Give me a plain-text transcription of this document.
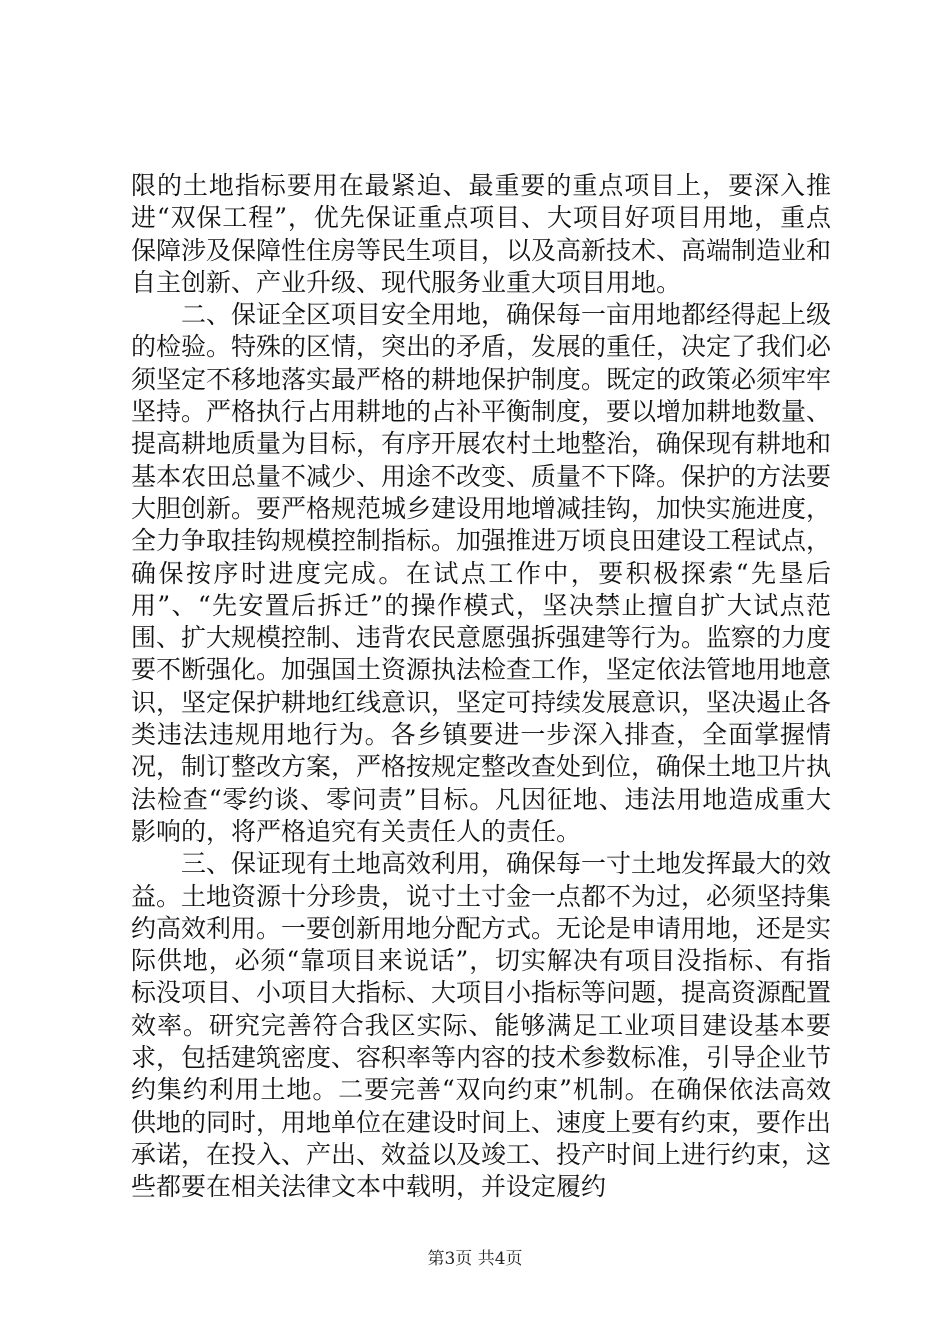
限的土地指标要用在最紧迫、最重要的重点项目上，要深入推进“双保工程”，优先保证重点项目、大项目好项目用地，重点保障涉及保障性住房等民生项目，以及高新技术、高端制造业和自主创新、产业升级、现代服务业重大项目用地。

二、保证全区项目安全用地，确保每一亩用地都经得起上级的检验。特殊的区情，突出的矛盾，发展的重任，决定了我们必须坚定不移地落实最严格的耕地保护制度。既定的政策必须牢牢坚持。严格执行占用耕地的占补平衡制度，要以增加耕地数量、提高耕地质量为目标，有序开展农村土地整治，确保现有耕地和基本农田总量不减少、用途不改变、质量不下降。保护的方法要大胆创新。要严格规范城乡建设用地增减挂钩，加快实施进度，全力争取挂钩规模控制指标。加强推进万顷良田建设工程试点，确保按序时进度完成。在试点工作中，要积极探索“先垦后用”、“先安置后拆迁”的操作模式，坚决禁止擅自扩大试点范围、扩大规模控制、违背农民意愿强拆强建等行为。监察的力度要不断强化。加强国土资源执法检查工作，坚定依法管地用地意识，坚定保护耕地红线意识，坚定可持续发展意识，坚决遏止各类违法违规用地行为。各乡镇要进一步深入排查，全面掌握情况，制订整改方案，严格按规定整改查处到位，确保土地卫片执法检查“零约谈、零问责”目标。凡因征地、违法用地造成重大影响的，将严格追究有关责任人的责任。

三、保证现有土地高效利用，确保每一寸土地发挥最大的效益。土地资源十分珍贵，说寸土寸金一点都不为过，必须坚持集约高效利用。一要创新用地分配方式。无论是申请用地，还是实际供地，必须“靠项目来说话”，切实解决有项目没指标、有指标没项目、小项目大指标、大项目小指标等问题，提高资源配置效率。研究完善符合我区实际、能够满足工业项目建设基本要求，包括建筑密度、容积率等内容的技术参数标准，引导企业节约集约利用土地。二要完善“双向约束”机制。在确保依法高效供地的同时，用地单位在建设时间上、速度上要有约束，要作出承诺，在投入、产出、效益以及竣工、投产时间上进行约束，这些都要在相关法律文本中载明，并设定履约

第3页 共4页
